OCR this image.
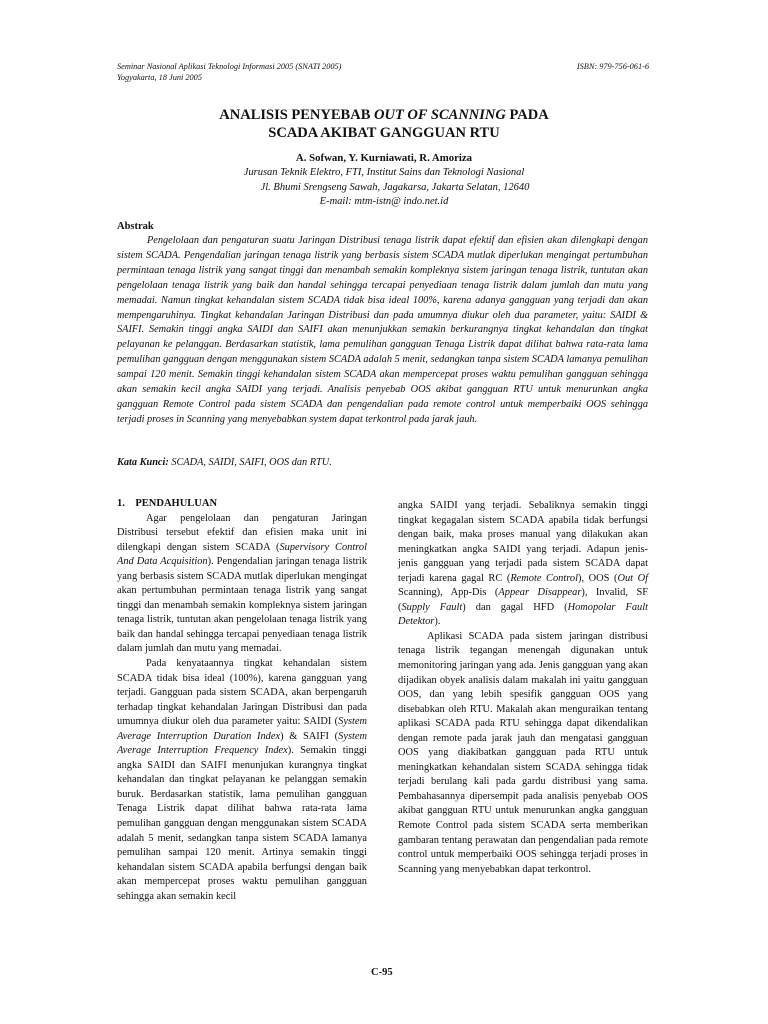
Seminar Nasional Aplikasi Teknologi Informasi 2005 (SNATI 2005)
Yogyakarta, 18 Juni 2005
ISBN: 979-756-061-6
ANALISIS PENYEBAB OUT OF SCANNING PADA
SCADA AKIBAT GANGGUAN RTU
A. Sofwan, Y. Kurniawati, R. Amoriza
Jurusan Teknik Elektro, FTI, Institut Sains dan Teknologi Nasional
Jl. Bhumi Srengseng Sawah, Jagakarsa, Jakarta Selatan, 12640
E-mail: mtm-istn@ indo.net.id
Abstrak
Pengelolaan dan pengaturan suatu Jaringan Distribusi tenaga listrik dapat efektif dan efisien akan dilengkapi dengan sistem SCADA. Pengendalian jaringan tenaga listrik yang berbasis sistem SCADA mutlak diperlukan mengingat pertumbuhan permintaan tenaga listrik yang sangat tinggi dan menambah semakin kompleknya sistem jaringan tenaga listrik, tuntutan akan pengelolaan tenaga listrik yang baik dan handal sehingga tercapai penyediaan tenaga listrik dalam jumlah dan mutu yang memadai. Namun tingkat kehandalan sistem SCADA tidak bisa ideal 100%, karena adanya gangguan yang terjadi dan akan mempengaruhinya. Tingkat kehandalan Jaringan Distribusi dan pada umumnya diukur oleh dua parameter, yaitu: SAIDI & SAIFI. Semakin tinggi angka SAIDI dan SAIFI akan menunjukkan semakin berkurangnya tingkat kehandalan dan tingkat pelayanan ke pelanggan. Berdasarkan statistik, lama pemulihan gangguan Tenaga Listrik dapat dilihat bahwa rata-rata lama pemulihan gangguan dengan menggunakan sistem SCADA adalah 5 menit, sedangkan tanpa sistem SCADA lamanya pemulihan sampai 120 menit. Semakin tinggi kehandalan sistem SCADA akan mempercepat proses waktu pemulihan gangguan sehingga akan semakin kecil angka SAIDI yang terjadi. Analisis penyebab OOS akibat gangguan RTU untuk menurunkan angka gangguan Remote Control pada sistem SCADA dan pengendalian pada remote control untuk memperbaiki OOS sehingga terjadi proses in Scanning yang menyebabkan system dapat terkontrol pada jarak jauh.
Kata Kunci: SCADA, SAIDI, SAIFI, OOS dan RTU.
1.    PENDAHULUAN

Agar pengelolaan dan pengaturan Jaringan Distribusi tersebut efektif dan efisien maka unit ini dilengkapi dengan sistem SCADA (Supervisory Control And Data Acquisition). Pengendalian jaringan tenaga listrik yang berbasis sistem SCADA mutlak diperlukan mengingat akan pertumbuhan permintaan tenaga listrik yang sangat tinggi dan menambah semakin kompleknya sistem jaringan tenaga listrik, tuntutan akan pengelolaan tenaga listrik yang baik dan handal sehingga tercapai penyediaan tenaga listrik dalam jumlah dan mutu yang memadai.

Pada kenyataannya tingkat kehandalan sistem SCADA tidak bisa ideal (100%), karena gangguan yang terjadi. Gangguan pada sistem SCADA, akan berpengaruh terhadap tingkat kehandalan Jaringan Distribusi dan pada umumnya diukur oleh dua parameter yaitu: SAIDI (System Average Interruption Duration Index) & SAIFI (System Average Interruption Frequency Index). Semakin tinggi angka SAIDI dan SAIFI menunjukan kurangnya tingkat kehandalan dan tingkat pelayanan ke pelanggan semakin buruk. Berdasarkan statistik, lama pemulihan gangguan Tenaga Listrik dapat dilihat bahwa rata-rata lama pemulihan gangguan dengan menggunakan sistem SCADA adalah 5 menit, sedangkan tanpa sistem SCADA lamanya pemulihan sampai 120 menit. Artinya semakin tinggi kehandalan sistem SCADA apabila berfungsi dengan baik akan mempercepat proses waktu pemulihan gangguan sehingga akan semakin kecil

angka SAIDI yang terjadi. Sebaliknya semakin tinggi tingkat kegagalan sistem SCADA apabila tidak berfungsi dengan baik, maka proses manual yang dilakukan akan meningkatkan angka SAIDI yang terjadi. Adapun jenis-jenis gangguan yang terjadi pada sistem SCADA dapat terjadi karena gagal RC (Remote Control), OOS (Out Of Scanning), App-Dis (Appear Disappear), Invalid, SF (Supply Fault) dan gagal HFD (Homopolar Fault Detektor).

Aplikasi SCADA pada sistem jaringan distribusi tenaga listrik tegangan menengah digunakan untuk memonitoring jaringan yang ada. Jenis gangguan yang akan dijadikan obyek analisis dalam makalah ini yaitu gangguan OOS, dan yang lebih spesifik gangguan OOS yang disebabkan oleh RTU. Makalah akan menguraikan tentang aplikasi SCADA pada RTU sehingga dapat dikendalikan dengan remote pada jarak jauh dan mengatasi gangguan OOS yang diakibatkan gangguan pada RTU untuk meningkatkan kehandalan sistem SCADA sehingga tidak terjadi berulang kali pada gardu distribusi yang sama. Pembahasannya dipersempit pada analisis penyebab OOS akibat gangguan RTU untuk menurunkan angka gangguan Remote Control pada sistem SCADA serta memberikan gambaran tentang perawatan dan pengendalian pada remote control untuk memperbaiki OOS sehingga terjadi proses in Scanning yang menyebabkan dapat terkontrol.

C-95
